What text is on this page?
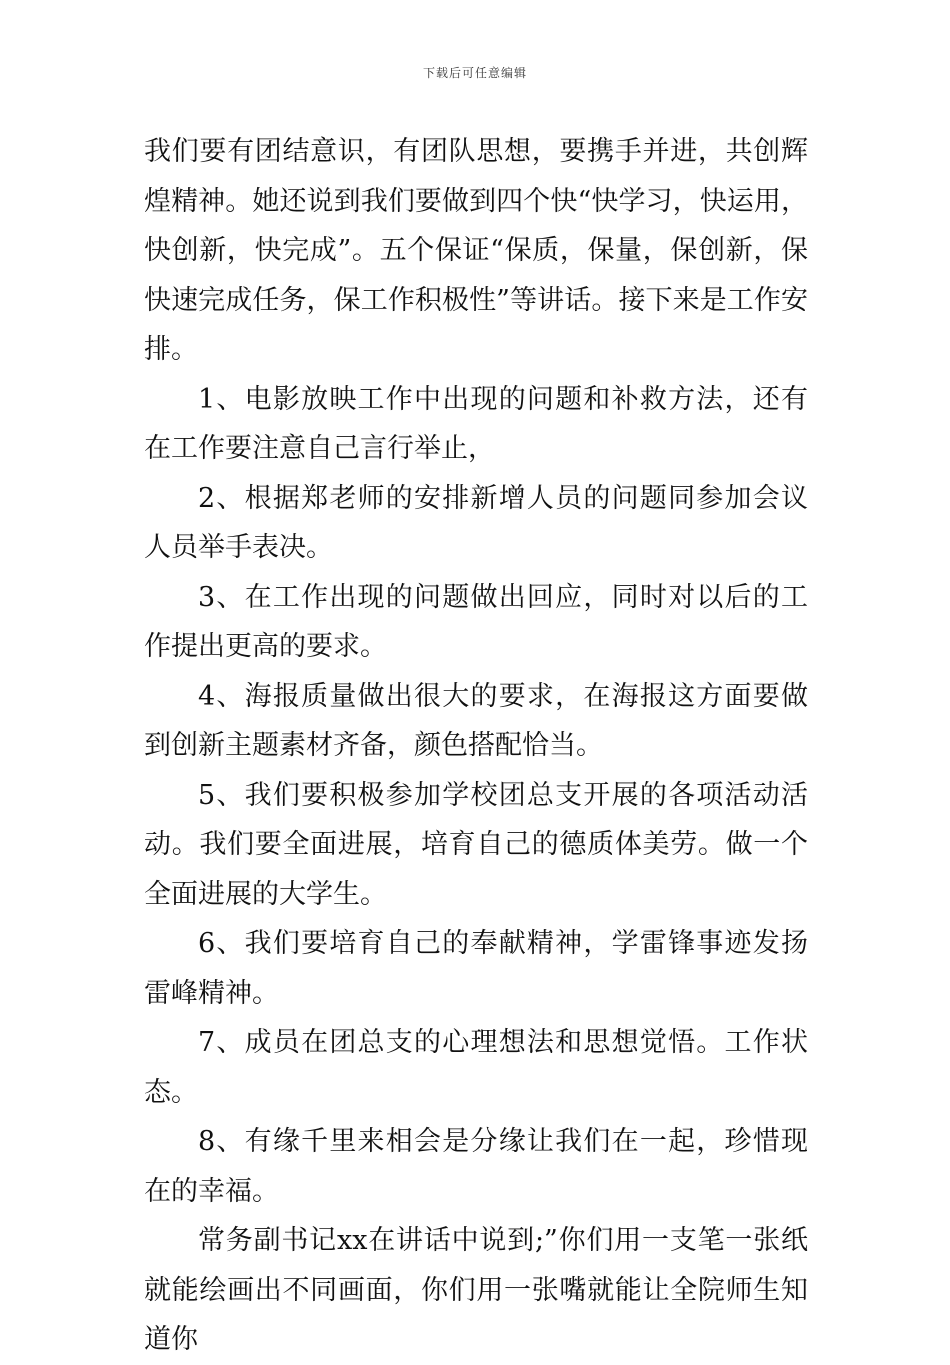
下载后可任意编辑

我们要有团结意识，有团队思想，要携手并进，共创辉煌精神。她还说到我们要做到四个快“快学习，快运用，快创新，快完成”。五个保证“保质，保量，保创新，保快速完成任务，保工作积极性”等讲话。接下来是工作安排。

1、电影放映工作中出现的问题和补救方法，还有在工作要注意自己言行举止，

2、根据郑老师的安排新增人员的问题同参加会议人员举手表决。

3、在工作出现的问题做出回应，同时对以后的工作提出更高的要求。

4、海报质量做出很大的要求，在海报这方面要做到创新主题素材齐备，颜色搭配恰当。

5、我们要积极参加学校团总支开展的各项活动活动。我们要全面进展，培育自己的德质体美劳。做一个全面进展的大学生。

6、我们要培育自己的奉献精神，学雷锋事迹发扬雷峰精神。

7、成员在团总支的心理想法和思想觉悟。工作状态。

8、有缘千里来相会是分缘让我们在一起，珍惜现在的幸福。

常务副书记xx在讲话中说到;”你们用一支笔一张纸就能绘画出不同画面，你们用一张嘴就能让全院师生知道你
